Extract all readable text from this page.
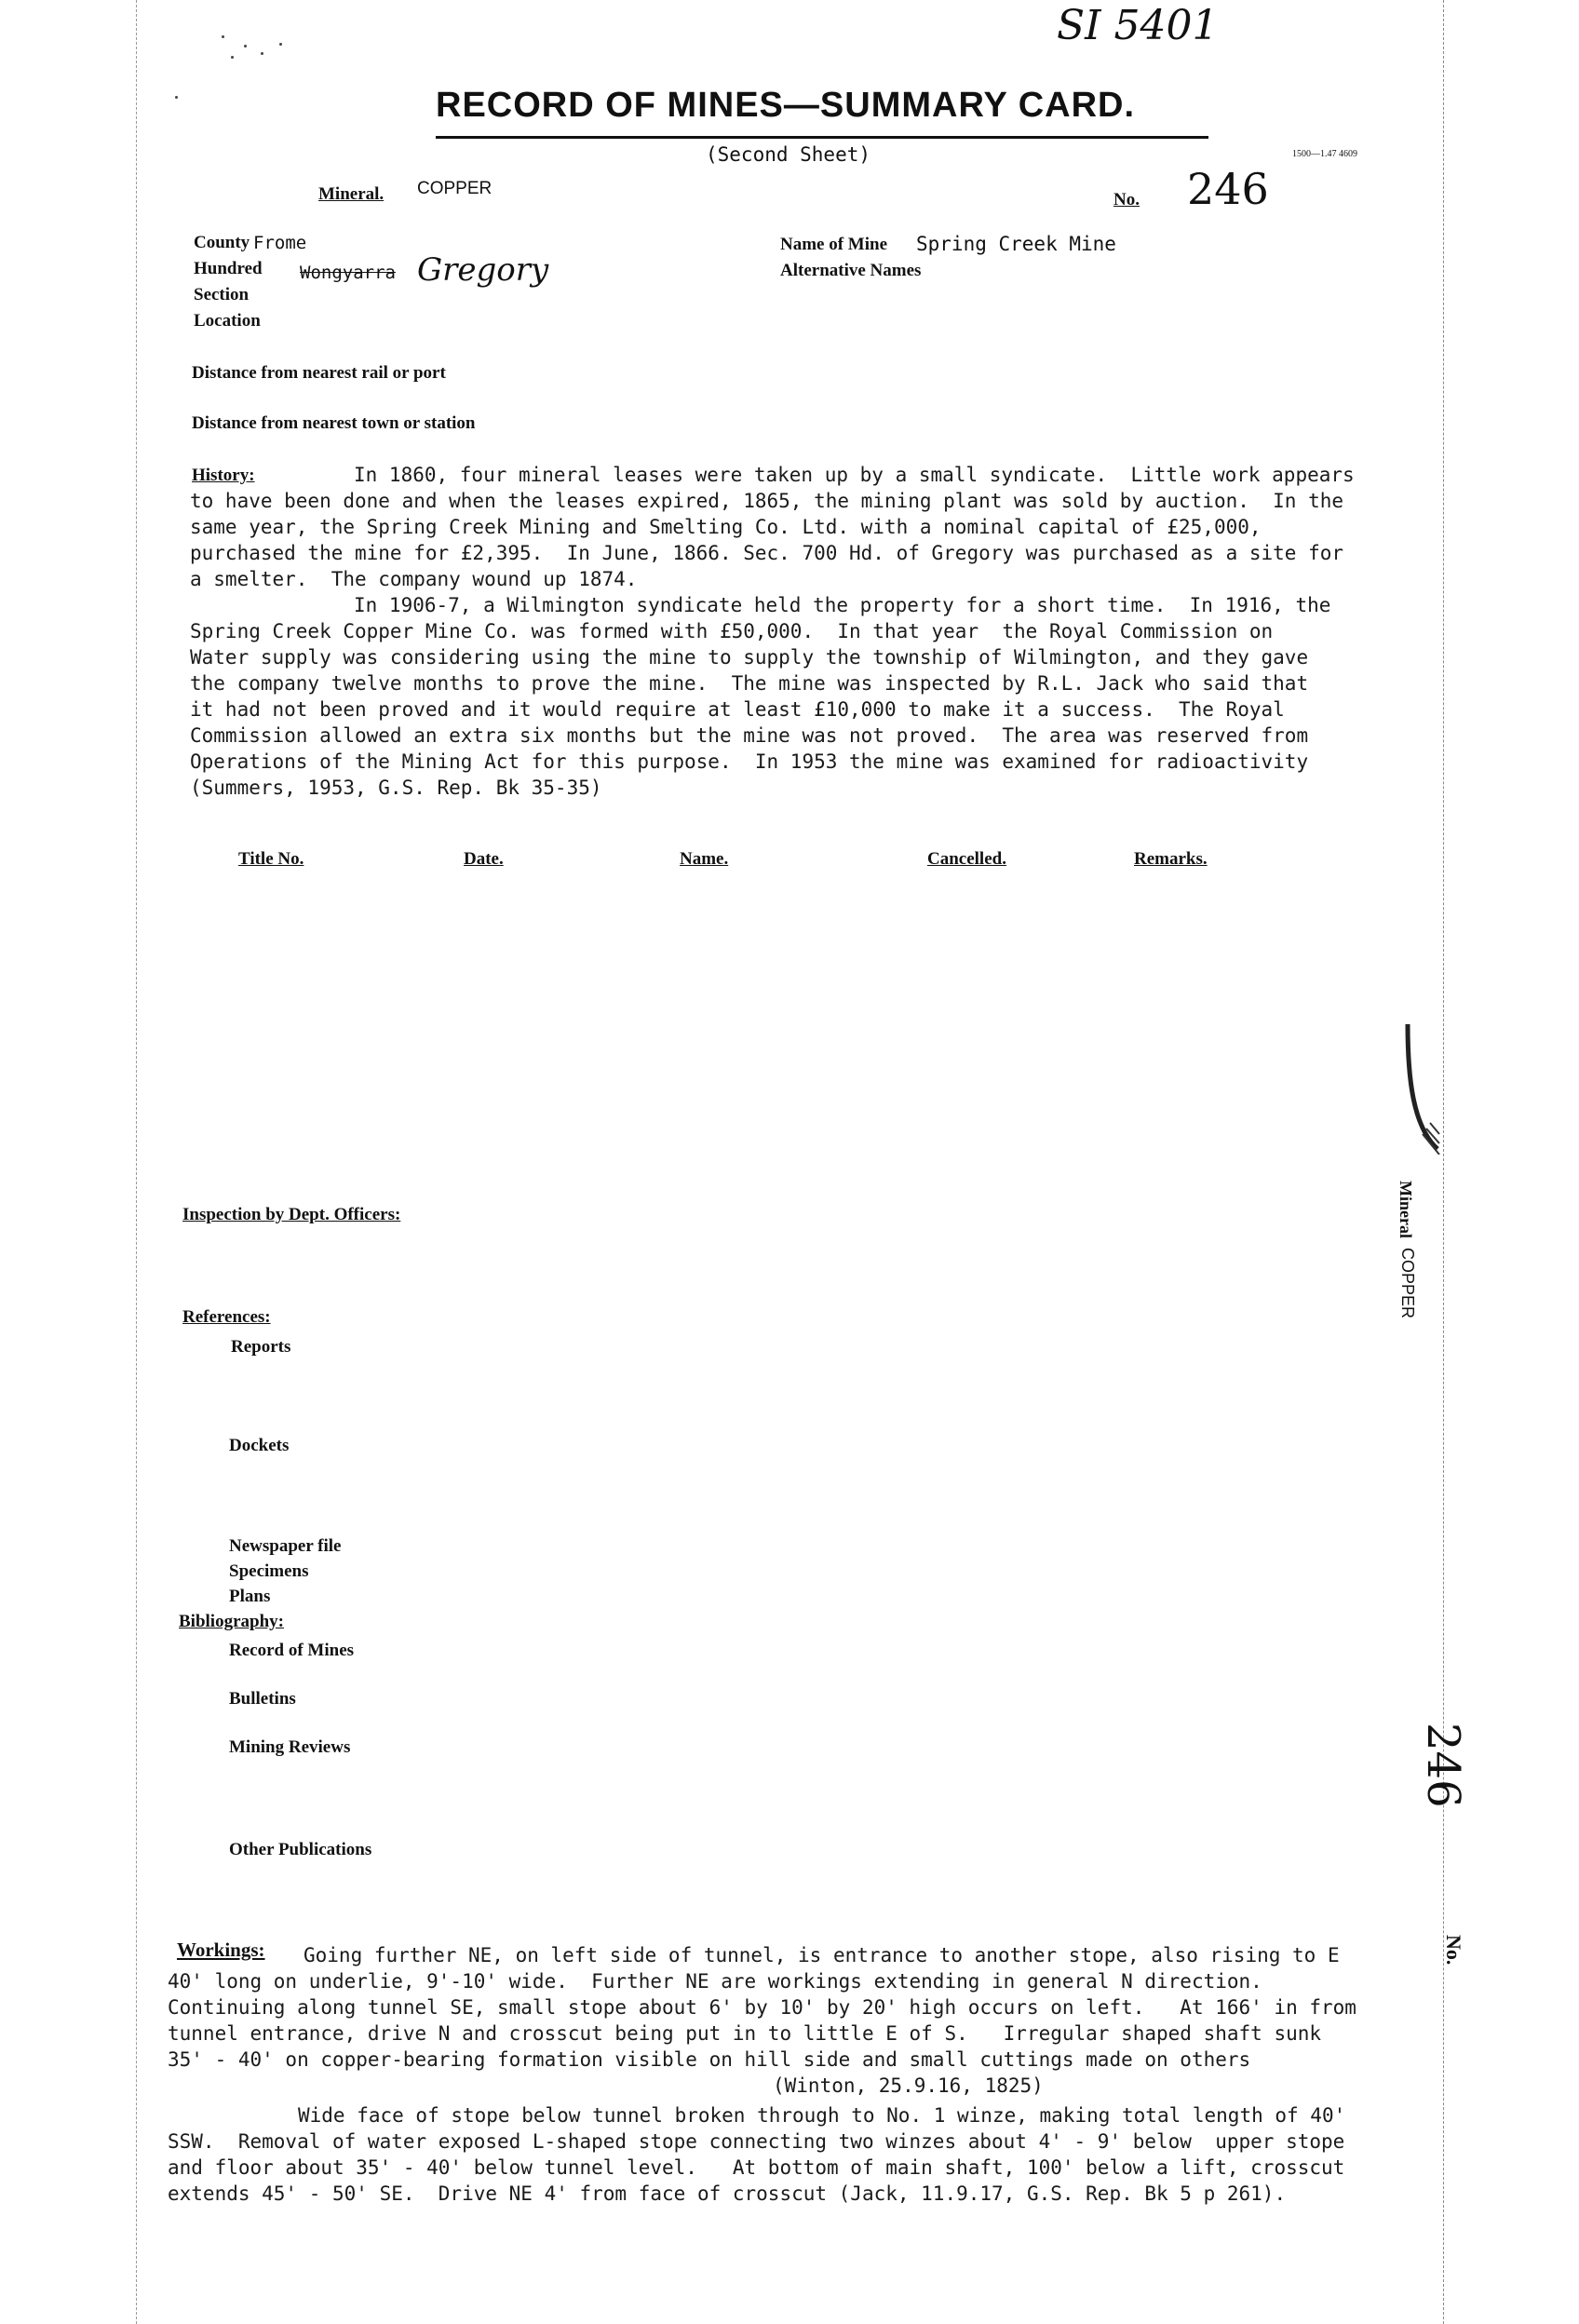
SI 5401
RECORD OF MINES—SUMMARY CARD.
(Second Sheet)	1500—1.47 4609
Mineral. COPPER
No. 246
County Frome
Hundred Wongyarra Gregory
Section
Location
Name of Mine Spring Creek Mine
Alternative Names
Distance from nearest rail or port
Distance from nearest town or station
History:	In 1860, four mineral leases were taken up by a small syndicate.  Little work appears
to have been done and when the leases expired, 1865, the mining plant was sold by auction.  In the
same year, the Spring Creek Mining and Smelting Co. Ltd. with a nominal capital of £25,000,
purchased the mine for £2,395.  In June, 1866. Sec. 700 Hd. of Gregory was purchased as a site for
a smelter.  The company wound up 1874.
In 1906-7, a Wilmington syndicate held the property for a short time.  In 1916, the
Spring Creek Copper Mine Co. was formed with £50,000.  In that year  the Royal Commission on
Water supply was considering using the mine to supply the township of Wilmington, and they gave
the company twelve months to prove the mine.  The mine was inspected by R.L. Jack who said that
it had not been proved and it would require at least £10,000 to make it a success.  The Royal
Commission allowed an extra six months but the mine was not proved.  The area was reserved from
Operations of the Mining Act for this purpose.  In 1953 the mine was examined for radioactivity
(Summers, 1953, G.S. Rep. Bk 35-35)
Title No.	Date.	Name.	Cancelled.	Remarks.
Inspection by Dept. Officers:
References:
Reports
Dockets
Newspaper file
Specimens
Plans
Bibliography:
Record of Mines
Bulletins
Mining Reviews
Other Publications
Workings: Going further NE, on left side of tunnel, is entrance to another stope, also rising to E
40' long on underlie, 9'-10' wide.  Further NE are workings extending in general N direction.
Continuing along tunnel SE, small stope about 6' by 10' by 20' high occurs on left.   At 166' in from
tunnel entrance, drive N and crosscut being put in to little E of S.   Irregular shaped shaft sunk
35' - 40' on copper-bearing formation visible on hill side and small cuttings made on others
(Winton, 25.9.16, 1825)
Wide face of stope below tunnel broken through to No. 1 winze, making total length of 40'
SSW.  Removal of water exposed L-shaped stope connecting two winzes about 4' - 9' below  upper stope
and floor about 35' - 40' below tunnel level.   At bottom of main shaft, 100' below a lift, crosscut
extends 45' - 50' SE.  Drive NE 4' from face of crosscut (Jack, 11.9.17, G.S. Rep. Bk 5 p 261).
Mineral
COPPER
246
No.
